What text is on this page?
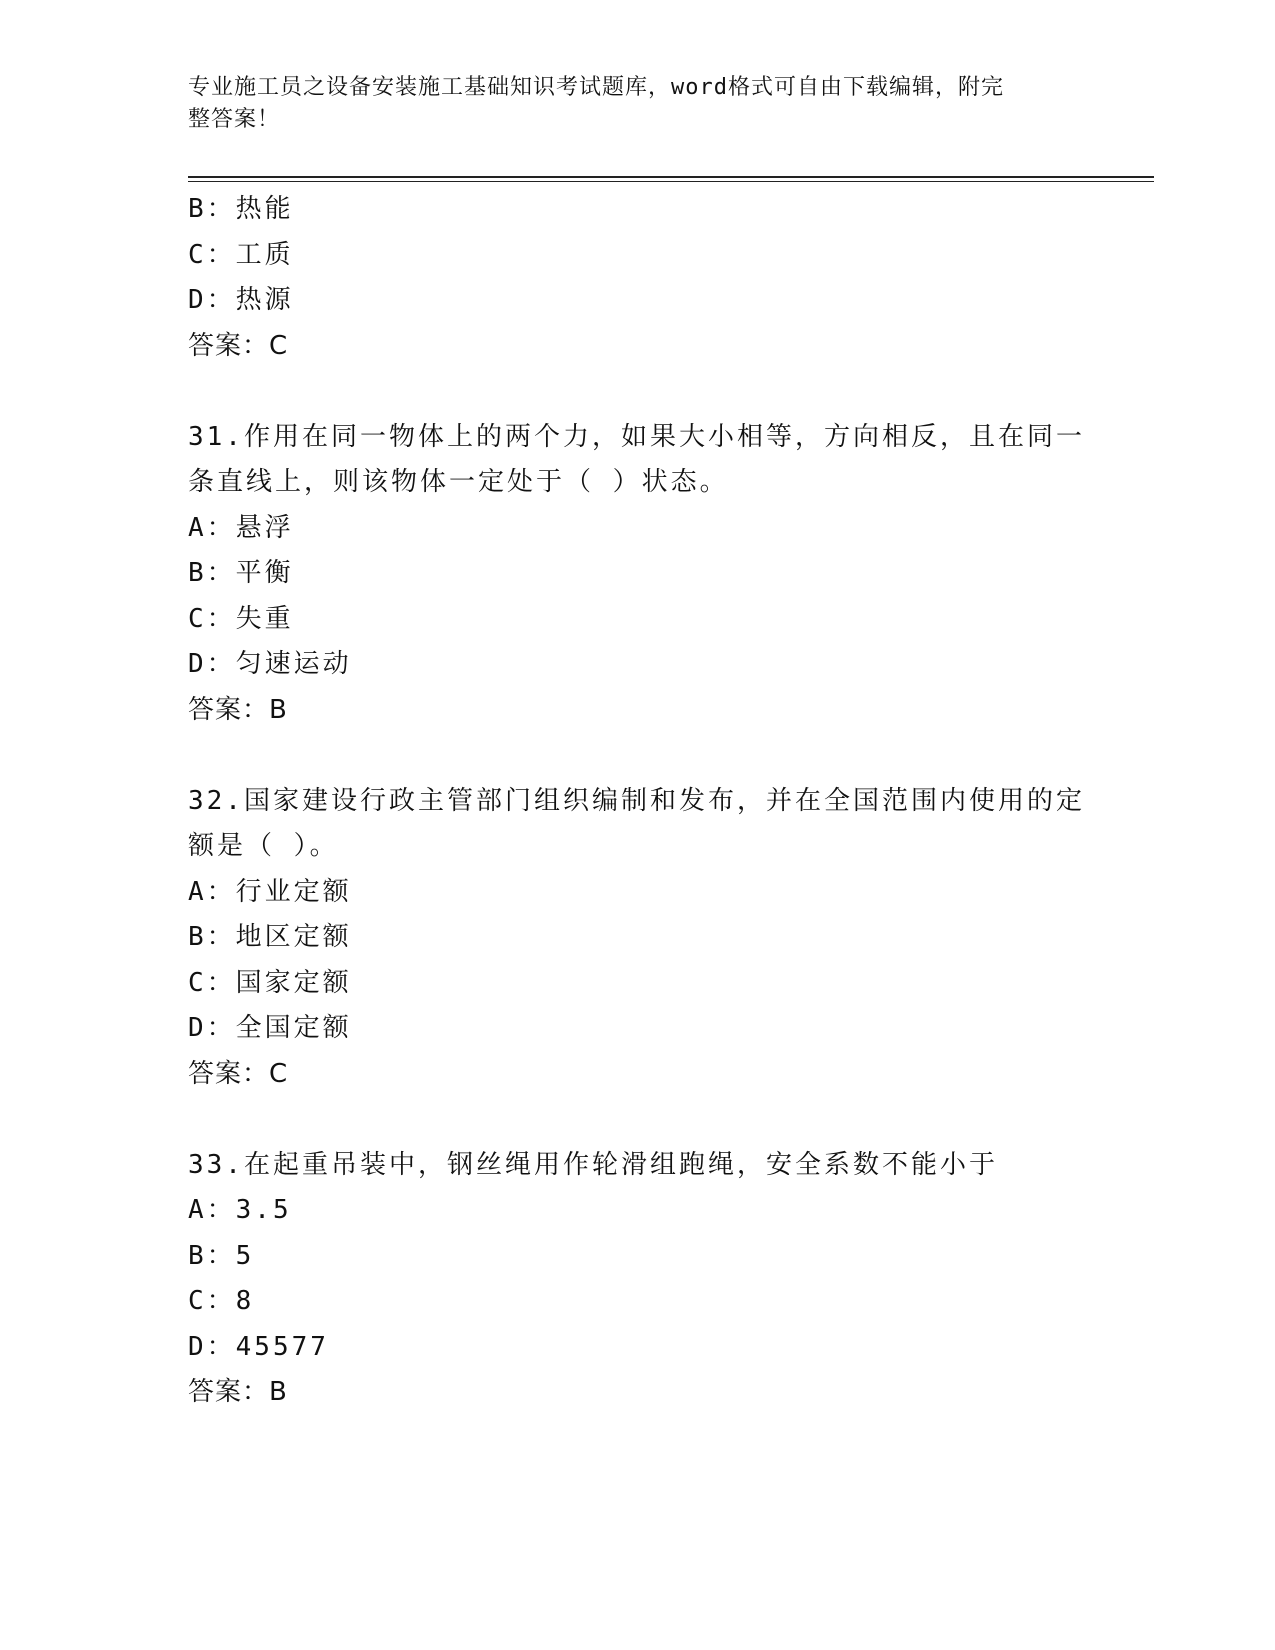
专业施工员之设备安装施工基础知识考试题库，word格式可自由下载编辑，附完
整答案！
B：热能
C：工质
D：热源
答案：C
31.作用在同一物体上的两个力，如果大小相等，方向相反，且在同一
条直线上，则该物体一定处于（ ）状态。
A：悬浮
B：平衡
C：失重
D：匀速运动
答案：B
32.国家建设行政主管部门组织编制和发布，并在全国范围内使用的定
额是（ ）。
A：行业定额
B：地区定额
C：国家定额
D：全国定额
答案：C
33.在起重吊装中，钢丝绳用作轮滑组跑绳，安全系数不能小于
A：3.5
B：5
C：8
D：45577
答案：B
